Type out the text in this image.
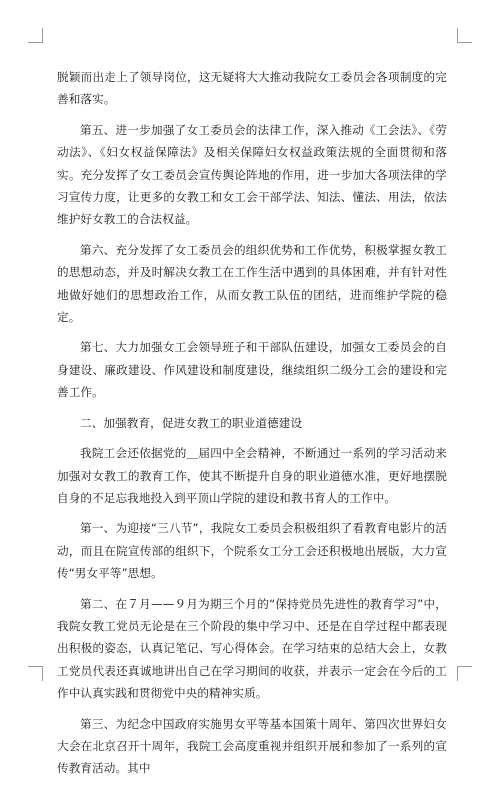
脱颖而出走上了领导岗位，这无疑将大大推动我院女工委员会各项制度的完善和落实。

第五、进一步加强了女工委员会的法律工作，深入推动《工会法》、《劳动法》、《妇女权益保障法》及相关保障妇女权益政策法规的全面贯彻和落实。充分发挥了女工委员会宣传舆论阵地的作用，进一步加大各项法律的学习宣传力度，让更多的女教工和女工会干部学法、知法、懂法、用法，依法维护好女教工的合法权益。

第六、充分发挥了女工委员会的组织优势和工作优势，积极掌握女教工的思想动态，并及时解决女教工在工作生活中遇到的具体困难，并有针对性地做好她们的思想政治工作，从而女教工队伍的团结，进而维护学院的稳定。

第七、大力加强女工会领导班子和干部队伍建设，加强女工委员会的自身建设、廉政建设、作风建设和制度建设，继续组织二级分工会的建设和完善工作。

二、加强教育，促进女教工的职业道德建设

我院工会还依据党的＿届四中全会精神，不断通过一系列的学习活动来加强对女教工的教育工作，使其不断提升自身的职业道德水准，更好地摆脱自身的不足忘我地投入到平顶山学院的建设和教书育人的工作中。

第一、为迎接“三八节”，我院女工委员会积极组织了看教育电影片的活动，而且在院宣传部的组织下，个院系女工分工会还积极地出展版，大力宣传“男女平等”思想。

第二、在７月——９月为期三个月的“保持党员先进性的教育学习”中，我院女教工党员无论是在三个阶段的集中学习中、还是在自学过程中都表现出积极的姿态，认真记笔记、写心得体会。在学习结束的总结大会上，女教工党员代表还真诚地讲出自己在学习期间的收获，并表示一定会在今后的工作中认真实践和贯彻党中央的精神实质。

第三、为纪念中国政府实施男女平等基本国策十周年、第四次世界妇女大会在北京召开十周年，我院工会高度重视并组织开展和参加了一系列的宣传教育活动。其中
